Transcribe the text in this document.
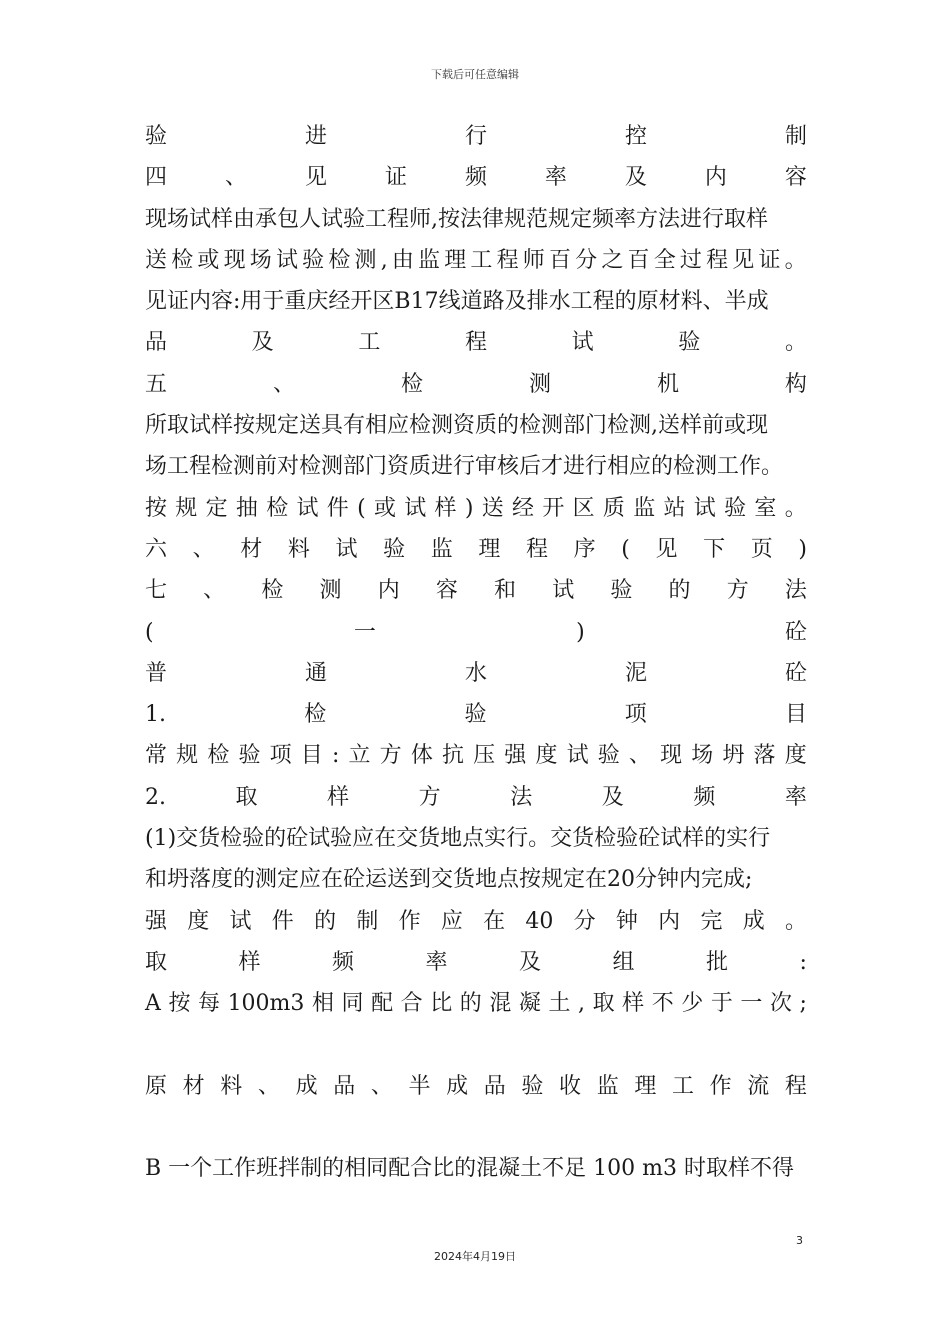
下载后可任意编辑
验	进	行	控	制
四	、	见	证	频	率	及	内	容
现场试样由承包人试验工程师,按法律规范规定频率方法进行取样
送 检 或 现 场 试 验 检 测 , 由 监 理 工 程 师 百 分 之 百 全 过 程 见 证 。
见证内容:用于重庆经开区B17线道路及排水工程的原材料、半成
品	及	工	程	试	验	。
五	、	检	测	机	构
所取试样按规定送具有相应检测资质的检测部门检测,送样前或现
场工程检测前对检测部门资质进行审核后才进行相应的检测工作。
按 规 定 抽 检 试 件 ( 或 试 样 ) 送 经 开 区 质 监 站 试 验 室 。
六 、 材 料 试 验 监 理 程 序 ( 见 下 页 )
七 、 检 测 内 容 和 试 验 的 方 法
(	一	)	砼
普	通	水	泥	砼
1.	检	验	项	目
常 规 检 验 项 目 : 立 方 体 抗 压 强 度 试 验 、 现 场 坍 落 度
2.	取	样	方	法	及	频	率
(1)交货检验的砼试验应在交货地点实行。交货检验砼试样的实行
和坍落度的测定应在砼运送到交货地点按规定在20分钟内完成;
强 度 试 件 的 制 作 应 在 40 分 钟 内 完 成 。
取	样	频	率	及	组	批	:
A 按 每 100m3 相 同 配 合 比 的 混 凝 土 , 取 样 不 少 于 一 次 ;
原 材 料 、 成 品 、 半 成 品 验 收 监 理 工 作 流 程
B 一个工作班拌制的相同配合比的混凝土不足 100 m3 时取样不得
3
2024年4月19日
